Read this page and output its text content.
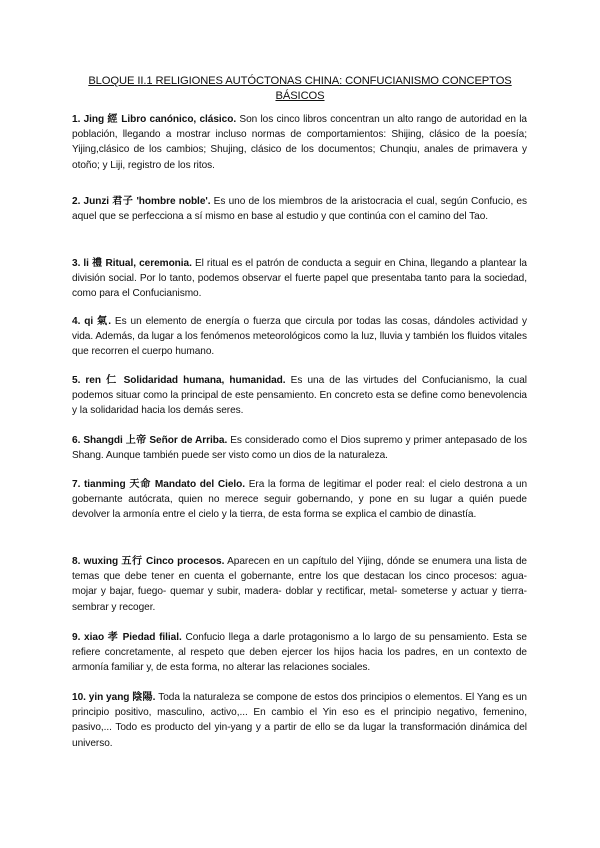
BLOQUE II.1 RELIGIONES AUTÓCTONAS CHINA: CONFUCIANISMO CONCEPTOS BÁSICOS

1. Jing 經 Libro canónico, clásico. Son los cinco libros concentran un alto rango de autoridad en la población, llegando a mostrar incluso normas de comportamientos: Shijing, clásico de la poesía; Yijing,clásico de los cambios; Shujing, clásico de los documentos; Chunqiu, anales de primavera y otoño; y Liji, registro de los ritos.

2. Junzi 君子 'hombre noble'. Es uno de los miembros de la aristocracia el cual, según Confucio, es aquel que se perfecciona a sí mismo en base al estudio y que continúa con el camino del Tao.

3. li 禮 Ritual, ceremonia. El ritual es el patrón de conducta a seguir en China, llegando a plantear la división social. Por lo tanto, podemos observar el fuerte papel que presentaba tanto para la sociedad, como para el Confucianismo.

4. qi 氣. Es un elemento de energía o fuerza que circula por todas las cosas, dándoles actividad y vida. Además, da lugar a los fenómenos meteorológicos como la luz, lluvia y también los fluidos vitales que recorren el cuerpo humano.

5. ren 仁 Solidaridad humana, humanidad. Es una de las virtudes del Confucianismo, la cual podemos situar como la principal de este pensamiento. En concreto esta se define como benevolencia y la solidaridad hacia los demás seres.

6. Shangdi 上帝 Señor de Arriba. Es considerado como el Dios supremo y primer antepasado de los Shang. Aunque también puede ser visto como un dios de la naturaleza.

7. tianming 天命 Mandato del Cielo. Era la forma de legitimar el poder real: el cielo destrona a un gobernante autócrata, quien no merece seguir gobernando, y pone en su lugar a quién puede devolver la armonía entre el cielo y la tierra, de esta forma se explica el cambio de dinastía.

8. wuxing 五行 Cinco procesos. Aparecen en un capítulo del Yijing, dónde se enumera una lista de temas que debe tener en cuenta el gobernante, entre los que destacan los cinco procesos: agua- mojar y bajar, fuego- quemar y subir, madera- doblar y rectificar, metal- someterse y actuar y tierra- sembrar y recoger.

9. xiao 孝 Piedad filial. Confucio llega a darle protagonismo a lo largo de su pensamiento. Esta se refiere concretamente, al respeto que deben ejercer los hijos hacia los padres, en un contexto de armonía familiar y, de esta forma, no alterar las relaciones sociales.

10. yin yang 陰陽. Toda la naturaleza se compone de estos dos principios o elementos. El Yang es un principio positivo, masculino, activo,... En cambio el Yin eso es el principio negativo, femenino, pasivo,... Todo es producto del yin-yang y a partir de ello se da lugar la transformación dinámica del universo.
